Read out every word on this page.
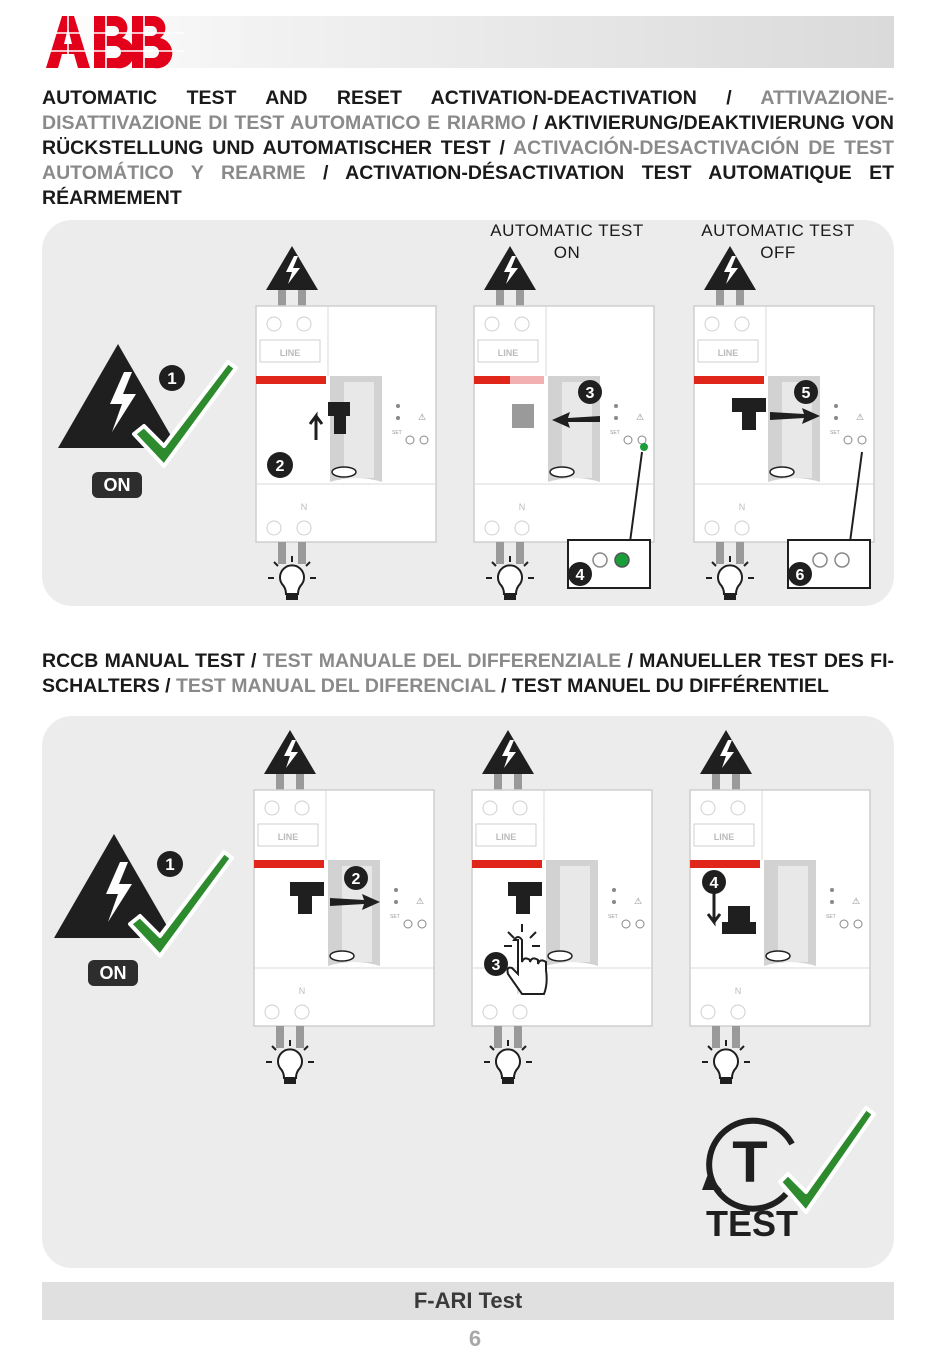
AUTOMATIC TEST AND RESET ACTIVATION-DEACTIVATION / ATTIVAZIONE-DISATTIVAZIONE DI TEST AUTOMATICO E RIARMO / AKTIVIERUNG/DEAKTIVIERUNG VON RÜCKSTELLUNG UND AUTOMATISCHER TEST / ACTIVACIÓN-DESACTIVACIÓN DE TEST AUTOMÁTICO Y REARME / ACTIVATION-DÉSACTIVATION TEST AUTOMATIQUE ET RÉARMEMENT

ON
1
AUTOMATIC TEST
ON
AUTOMATIC TEST
OFF
2
3
4
5
6

RCCB MANUAL TEST / TEST MANUALE DEL DIFFERENZIALE / MANUELLER TEST DES FI-SCHALTERS / TEST MANUAL DEL DIFERENCIAL / TEST MANUEL DU DIFFÉRENTIEL

ON
1
2
3
4
T
TEST
F-ARI Test
6
